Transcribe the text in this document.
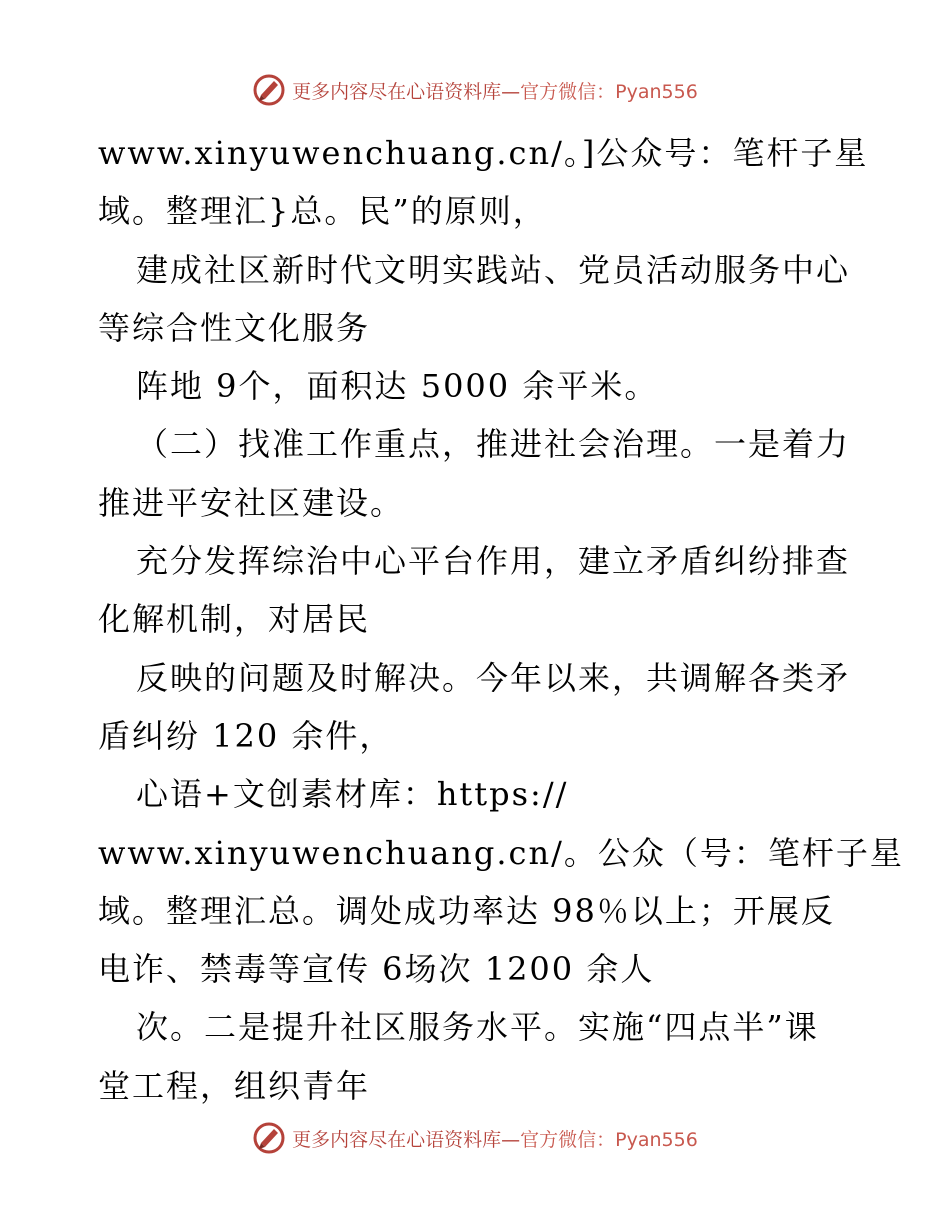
更多内容尽在心语资料库—官方微信：Pyan556
www.xinyuwenchuang.cn/。]公众号：笔杆子星
域。整理汇}总。民”的原则，
建成社区新时代文明实践站、党员活动服务中心
等综合性文化服务
阵地 9个，面积达 5000 余平米。
（二）找准工作重点，推进社会治理。一是着力
推进平安社区建设。
充分发挥综治中心平台作用，建立矛盾纠纷排查
化解机制，对居民
反映的问题及时解决。今年以来，共调解各类矛
盾纠纷 120 余件，
心语+文创素材库：https://
www.xinyuwenchuang.cn/。公众（号：笔杆子星
域。整理汇总。调处成功率达 98％以上；开展反
电诈、禁毒等宣传 6场次 1200 余人
次。二是提升社区服务水平。实施“四点半”课
堂工程，组织青年
更多内容尽在心语资料库—官方微信：Pyan556
